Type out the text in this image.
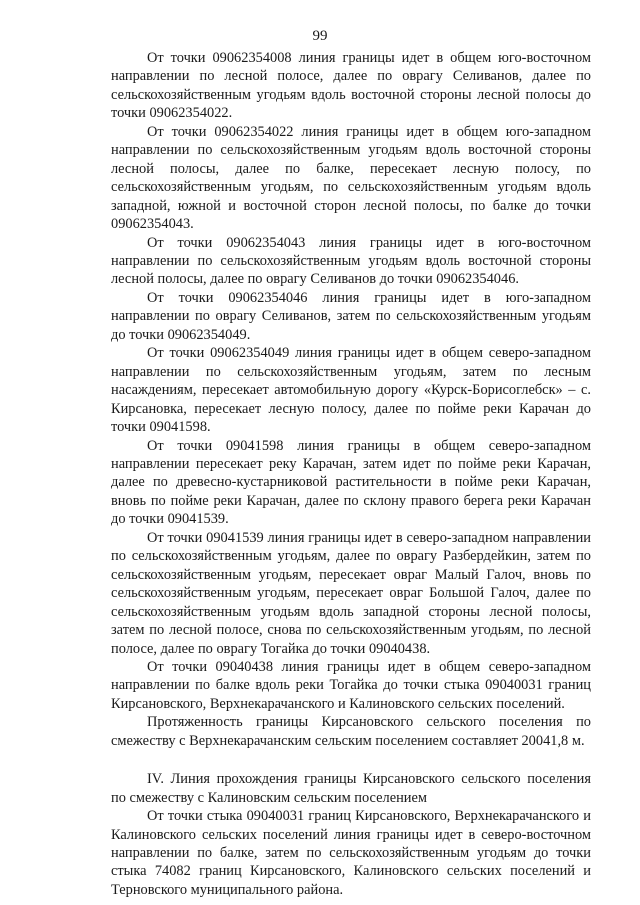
99

От точки 09062354008 линия границы идет в общем юго-восточном направлении по лесной полосе, далее по оврагу Селиванов, далее по сельскохозяйственным угодьям вдоль восточной стороны лесной полосы до точки 09062354022.

От точки 09062354022 линия границы идет в общем юго-западном направлении по сельскохозяйственным угодьям вдоль восточной стороны лесной полосы, далее по балке, пересекает лесную полосу, по сельскохозяйственным угодьям, по сельскохозяйственным угодьям вдоль западной, южной и восточной сторон лесной полосы, по балке до точки 09062354043.

От точки 09062354043 линия границы идет в юго-восточном направлении по сельскохозяйственным угодьям вдоль восточной стороны лесной полосы, далее по оврагу Селиванов до точки 09062354046.

От точки 09062354046 линия границы идет в юго-западном направлении по оврагу Селиванов, затем по сельскохозяйственным угодьям до точки 09062354049.

От точки 09062354049 линия границы идет в общем северо-западном направлении по сельскохозяйственным угодьям, затем по лесным насаждениям, пересекает автомобильную дорогу «Курск-Борисоглебск» – с. Кирсановка, пересекает лесную полосу, далее по пойме реки Карачан до точки 09041598.

От точки 09041598 линия границы в общем северо-западном направлении пересекает реку Карачан, затем идет по пойме реки Карачан, далее по древесно-кустарниковой растительности в пойме реки Карачан, вновь по пойме реки Карачан, далее по склону правого берега реки Карачан до точки 09041539.

От точки 09041539 линия границы идет в северо-западном направлении по сельскохозяйственным угодьям, далее по оврагу Разбердейкин, затем по сельскохозяйственным угодьям, пересекает овраг Малый Галоч, вновь по сельскохозяйственным угодьям, пересекает овраг Большой Галоч, далее по сельскохозяйственным угодьям вдоль западной стороны лесной полосы, затем по лесной полосе, снова по сельскохозяйственным угодьям, по лесной полосе, далее по оврагу Тогайка до точки 09040438.

От точки 09040438 линия границы идет в общем северо-западном направлении по балке вдоль реки Тогайка до точки стыка 09040031 границ Кирсановского, Верхнекарачанского и Калиновского сельских поселений.

Протяженность границы Кирсановского сельского поселения по смежеству с Верхнекарачанским сельским поселением составляет 20041,8 м.

IV. Линия прохождения границы Кирсановского сельского поселения по смежеству с Калиновским сельским поселением

От точки стыка 09040031 границ Кирсановского, Верхнекарачанского и Калиновского сельских поселений линия границы идет в северо-восточном направлении по балке, затем по сельскохозяйственным угодьям до точки стыка 74082 границ Кирсановского, Калиновского сельских поселений и Терновского муниципального района.
